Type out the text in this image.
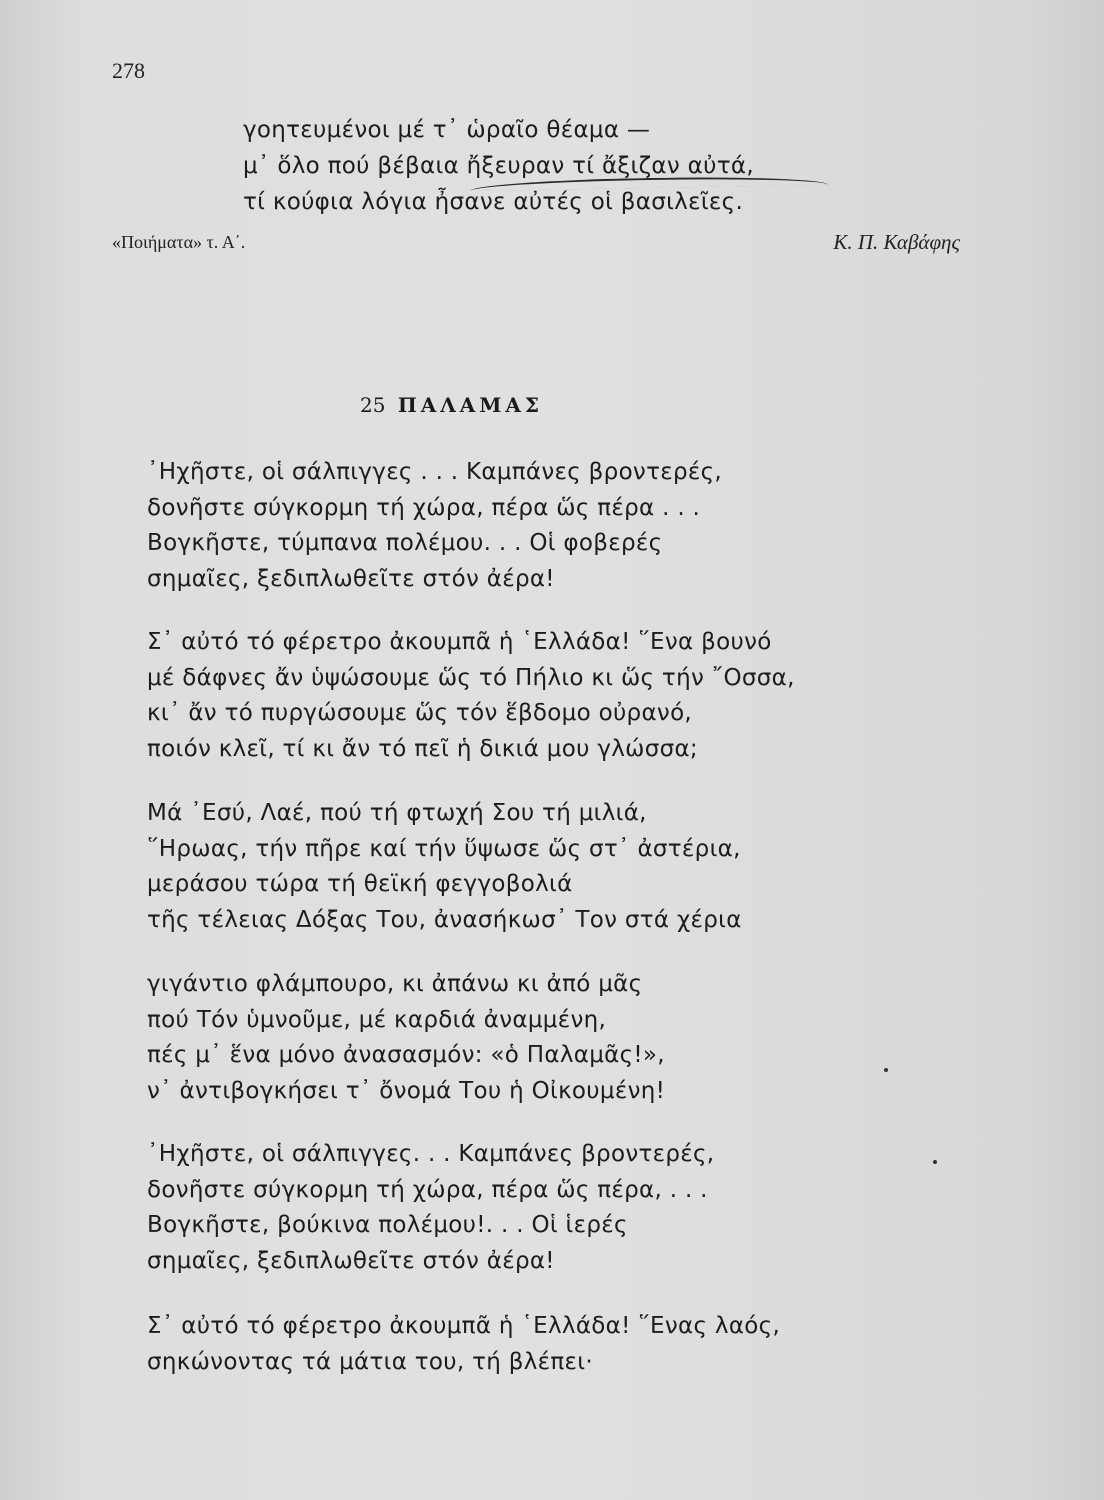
278
γοητευμένοι μέ τ᾽ ὡραῖο θέαμα —
μ᾽ ὅλο πού βέβαια ἤξευραν τί ἄξιζαν αὐτά,
τί κούφια λόγια ἦσανε αὐτές οἱ βασιλεῖες.
«Ποιήματα» τ. Α΄.	Κ. Π. Καβάφης
25 ΠΑΛΑΜΑΣ
᾽Ηχῆστε, οἱ σάλπιγγες . . . Καμπάνες βροντερές,
δονῆστε σύγκορμη τή χώρα, πέρα ὥς πέρα . . .
Βογκῆστε, τύμπανα πολέμου. . . Οἱ φοβερές
σημαῖες, ξεδιπλωθεῖτε στόν ἀέρα!
Σ᾽ αὐτό τό φέρετρο ἀκουμπᾶ ἡ ῾Ελλάδα! ῞Ενα βουνό
μέ δάφνες ἄν ὑψώσουμε ὥς τό Πήλιο κι ὥς τήν ῎Οσσα,
κι᾽ ἄν τό πυργώσουμε ὥς τόν ἕβδομο οὐρανό,
ποιόν κλεῖ, τί κι ἄν τό πεῖ ἡ δικιά μου γλώσσα;
Μά ᾽Εσύ, Λαέ, πού τή φτωχή Σου τή μιλιά,
῞Ηρωας, τήν πῆρε καί τήν ὕψωσε ὥς στ᾽ ἀστέρια,
μεράσου τώρα τή θεϊκή φεγγοβολιά
τῆς τέλειας Δόξας Του, ἀνασήκωσ᾽ Τον στά χέρια
γιγάντιο φλάμπουρο, κι ἀπάνω κι ἀπό μᾶς
πού Τόν ὑμνοῦμε, μέ καρδιά ἀναμμένη,
πές μ᾽ ἕνα μόνο ἀνασασμόν: «ὁ Παλαμᾶς!»,
ν᾽ ἀντιβογκήσει τ᾽ ὄνομά Του ἡ Οἰκουμένη!
᾽Ηχῆστε, οἱ σάλπιγγες. . . Καμπάνες βροντερές,
δονῆστε σύγκορμη τή χώρα, πέρα ὥς πέρα, . . .
Βογκῆστε, βούκινα πολέμου!. . . Οἱ ἱερές
σημαῖες, ξεδιπλωθεῖτε στόν ἀέρα!
Σ᾽ αὐτό τό φέρετρο ἀκουμπᾶ ἡ ῾Ελλάδα! ῞Ενας λαός,
σηκώνοντας τά μάτια του, τή βλέπει·
